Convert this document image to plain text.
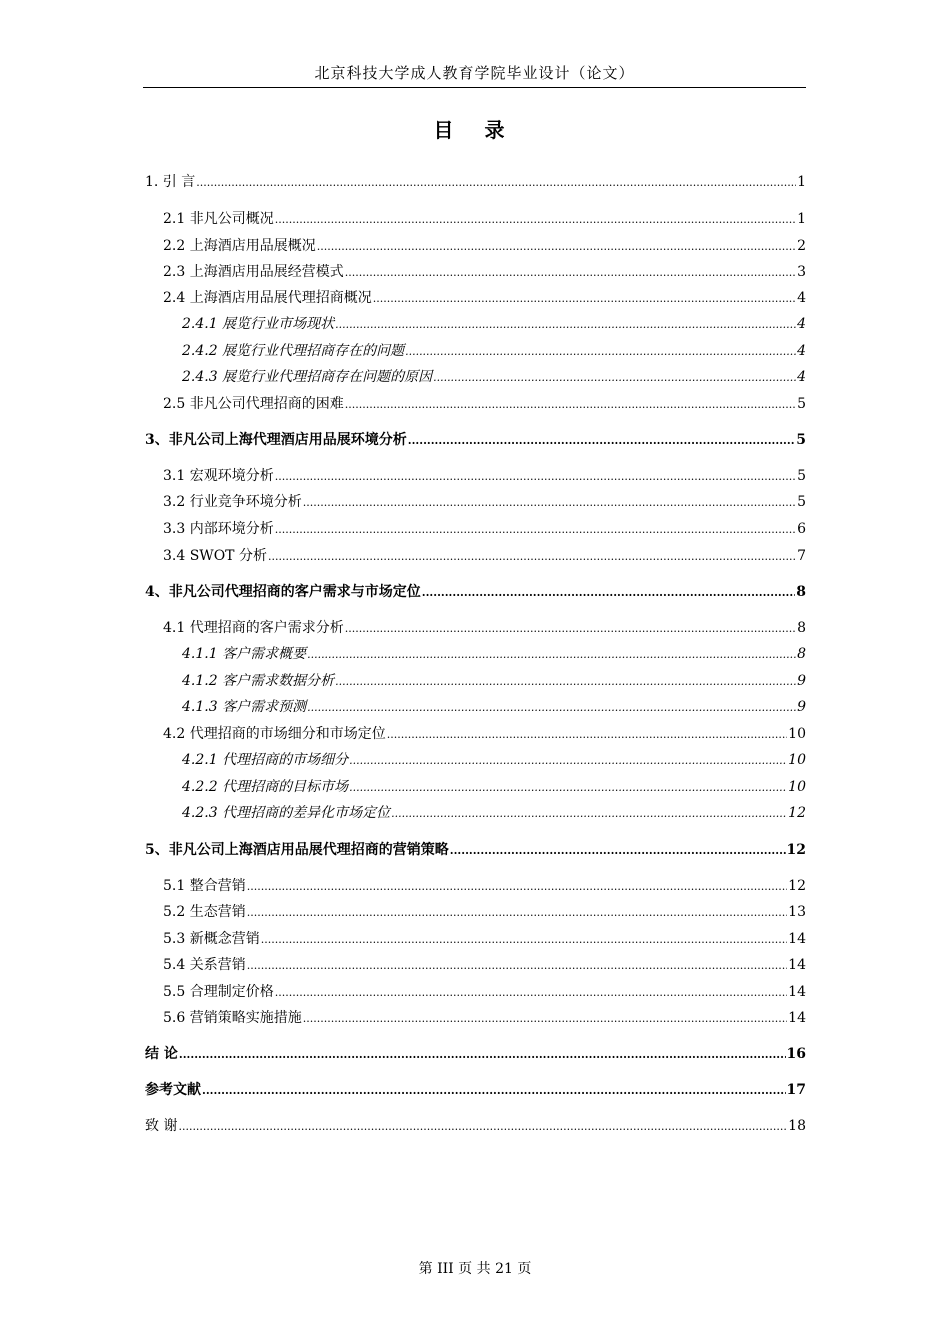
北京科技大学成人教育学院毕业设计（论文）
目 录
1. 引 言 .....	1
2.1 非凡公司概况 .....	1
2.2 上海酒店用品展概况 .....	2
2.3 上海酒店用品展经营模式 .....	3
2.4 上海酒店用品展代理招商概况 .....	4
2.4.1 展览行业市场现状 .....	4
2.4.2 展览行业代理招商存在的问题 .....	4
2.4.3 展览行业代理招商存在问题的原因 .....	4
2.5 非凡公司代理招商的困难 .....	5
3、非凡公司上海代理酒店用品展环境分析 .....	5
3.1 宏观环境分析 .....	5
3.2 行业竞争环境分析 .....	5
3.3 内部环境分析 .....	6
3.4 SWOT 分析 .....	7
4、非凡公司代理招商的客户需求与市场定位 .....	8
4.1 代理招商的客户需求分析 .....	8
4.1.1 客户需求概要 .....	8
4.1.2 客户需求数据分析 .....	9
4.1.3 客户需求预测 .....	9
4.2 代理招商的市场细分和市场定位 .....	10
4.2.1 代理招商的市场细分 .....	10
4.2.2 代理招商的目标市场 .....	10
4.2.3 代理招商的差异化市场定位 .....	12
5、非凡公司上海酒店用品展代理招商的营销策略 .....	12
5.1 整合营销 .....	12
5.2 生态营销 .....	13
5.3 新概念营销 .....	14
5.4 关系营销 .....	14
5.5 合理制定价格 .....	14
5.6 营销策略实施措施 .....	14
结 论 .....	16
参考文献 .....	17
致 谢 .....	18
第 III 页 共 21 页
